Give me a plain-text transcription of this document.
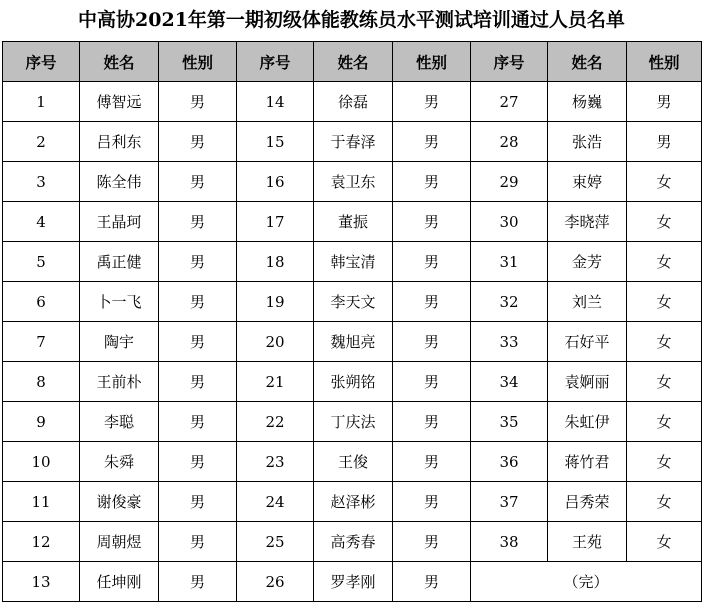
中高协2021年第一期初级体能教练员水平测试培训通过人员名单
序号	姓名	性别	序号	姓名	性别	序号	姓名	性别
1	傅智远	男	14	徐磊	男	27	杨巍	男
2	吕利东	男	15	于春泽	男	28	张浩	男
3	陈全伟	男	16	袁卫东	男	29	束婷	女
4	王晶珂	男	17	董振	男	30	李晓萍	女
5	禹正健	男	18	韩宝清	男	31	金芳	女
6	卜一飞	男	19	李天文	男	32	刘兰	女
7	陶宇	男	20	魏旭亮	男	33	石好平	女
8	王前朴	男	21	张朔铭	男	34	袁婀丽	女
9	李聪	男	22	丁庆法	男	35	朱虹伊	女
10	朱舜	男	23	王俊	男	36	蒋竹君	女
11	谢俊豪	男	24	赵泽彬	男	37	吕秀荣	女
12	周朝煜	男	25	高秀春	男	38	王苑	女
13	任坤刚	男	26	罗孝刚	男	（完）		
